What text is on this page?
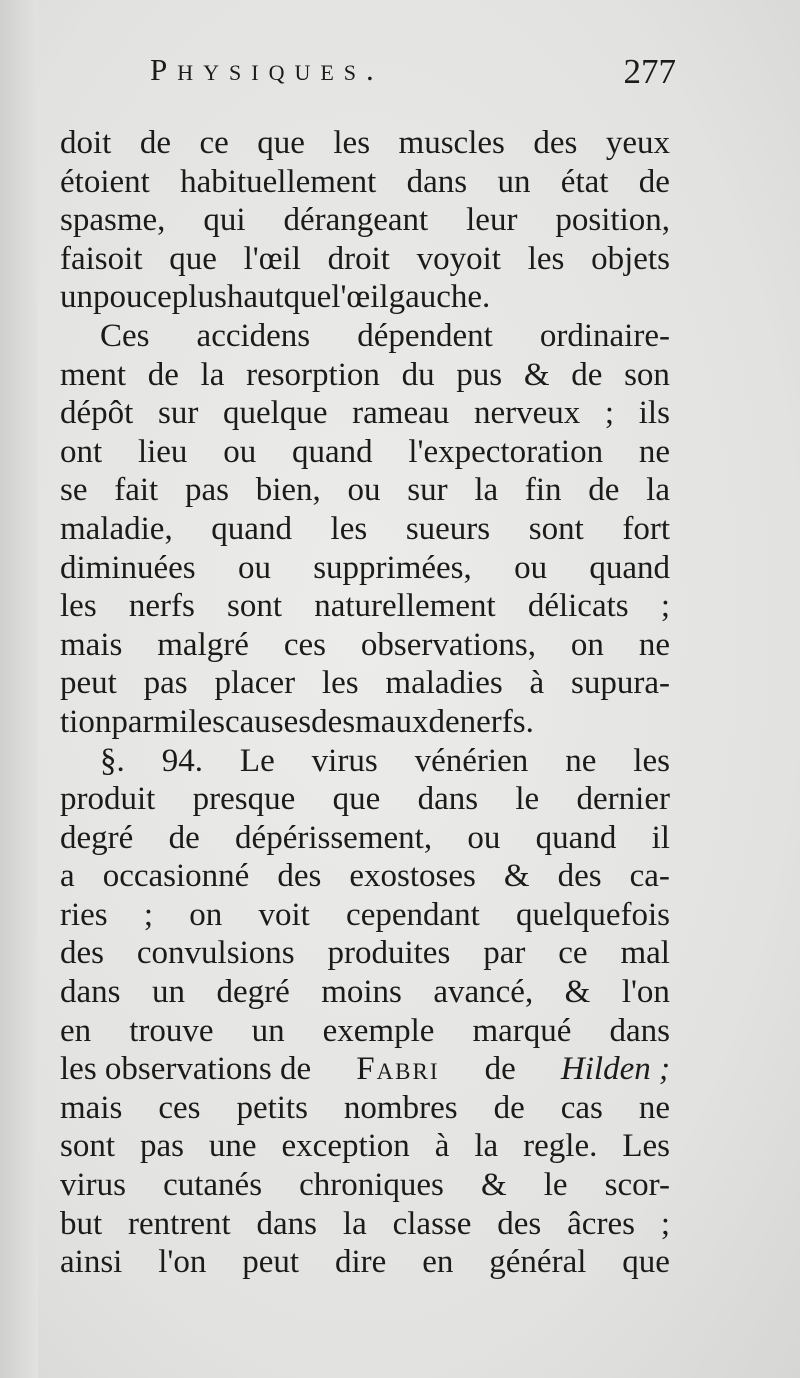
Physiques.	277
doit de ce que les muscles des yeux
étoient habituellement dans un état de
spasme, qui dérangeant leur position,
faisoit que l'œil droit voyoit les objets
un pouce plus haut que l'œil gauche.
Ces accidens dépendent ordinaire-
ment de la resorption du pus & de son
dépôt sur quelque rameau nerveux ; ils
ont lieu ou quand l'expectoration ne
se fait pas bien, ou sur la fin de la
maladie, quand les sueurs sont fort
diminuées ou supprimées, ou quand
les nerfs sont naturellement délicats ;
mais malgré ces observations, on ne
peut pas placer les maladies à supura-
tion parmi les causes des maux de nerfs.
§. 94. Le virus vénérien ne les
produit presque que dans le dernier
degré de dépérissement, ou quand il
a occasionné des exostoses & des ca-
ries ; on voit cependant quelquefois
des convulsions produites par ce mal
dans un degré moins avancé, & l'on
en trouve un exemple marqué dans
les observations de Fabri de Hilden ;
mais ces petits nombres de cas ne
sont pas une exception à la regle. Les
virus cutanés chroniques & le scor-
but rentrent dans la classe des âcres ;
ainsi l'on peut dire en général que
